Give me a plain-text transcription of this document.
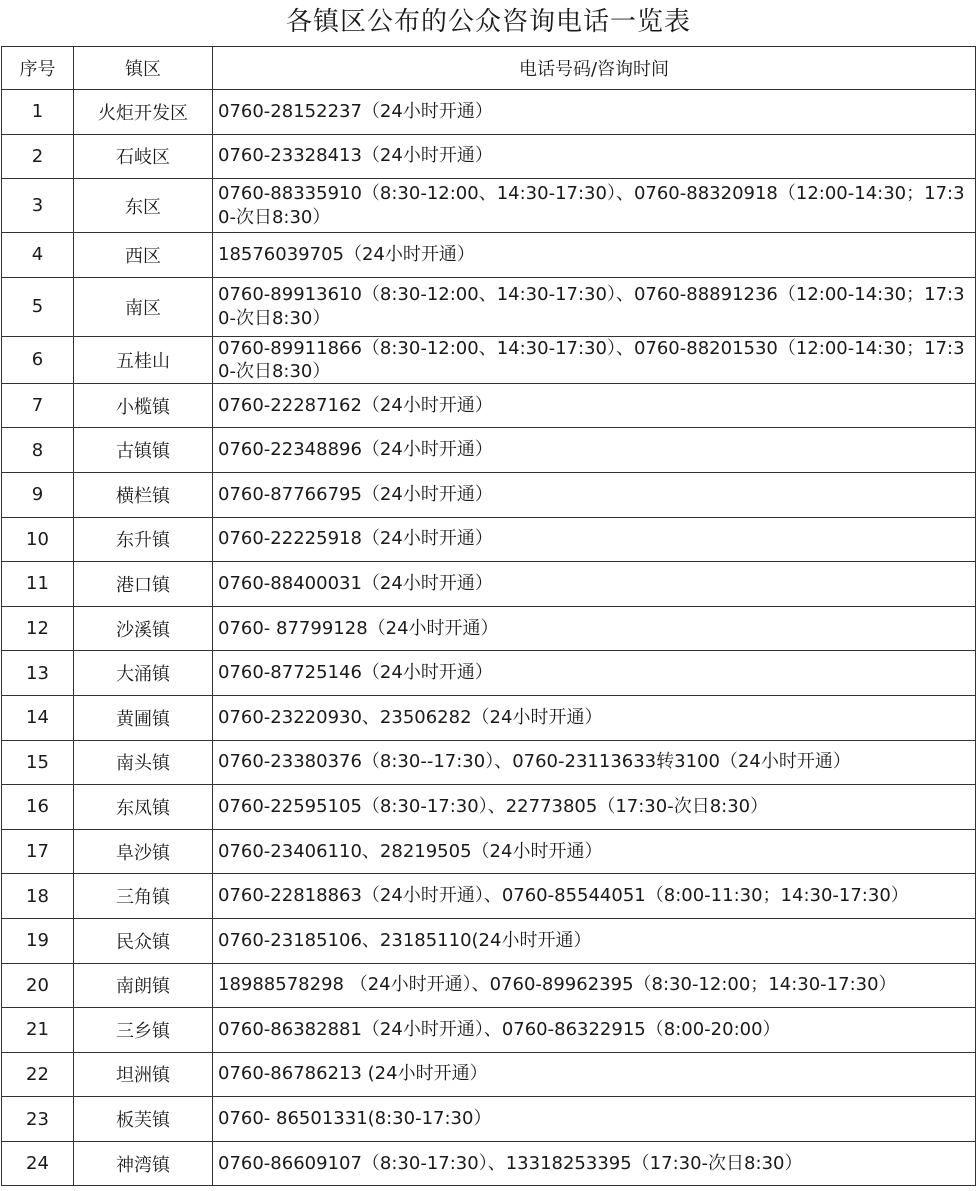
各镇区公布的公众咨询电话一览表
序号	镇区	电话号码/咨询时间
1	火炬开发区	0760-28152237（24小时开通）
2	石岐区	0760-23328413（24小时开通）
3	东区	0760-88335910（8:30-12:00、14:30-17:30）、0760-88320918（12:00-14:30；17:30-次日8:30）
4	西区	18576039705（24小时开通）
5	南区	0760-89913610（8:30-12:00、14:30-17:30）、0760-88891236（12:00-14:30；17:30-次日8:30）
6	五桂山	0760-89911866（8:30-12:00、14:30-17:30）、0760-88201530（12:00-14:30；17:30-次日8:30）
7	小榄镇	0760-22287162（24小时开通）
8	古镇镇	0760-22348896（24小时开通）
9	横栏镇	0760-87766795（24小时开通）
10	东升镇	0760-22225918（24小时开通）
11	港口镇	0760-88400031（24小时开通）
12	沙溪镇	0760- 87799128（24小时开通）
13	大涌镇	0760-87725146（24小时开通）
14	黄圃镇	0760-23220930、23506282（24小时开通）
15	南头镇	0760-23380376（8:30--17:30）、0760-23113633转3100（24小时开通）
16	东凤镇	0760-22595105（8:30-17:30）、22773805（17:30-次日8:30）
17	阜沙镇	0760-23406110、28219505（24小时开通）
18	三角镇	0760-22818863（24小时开通）、0760-85544051（8:00-11:30；14:30-17:30）
19	民众镇	0760-23185106、23185110(24小时开通）
20	南朗镇	18988578298 （24小时开通）、0760-89962395（8:30-12:00；14:30-17:30）
21	三乡镇	0760-86382881（24小时开通）、0760-86322915（8:00-20:00）
22	坦洲镇	0760-86786213 (24小时开通）
23	板芙镇	0760- 86501331(8:30-17:30）
24	神湾镇	0760-86609107（8:30-17:30）、13318253395（17:30-次日8:30）
